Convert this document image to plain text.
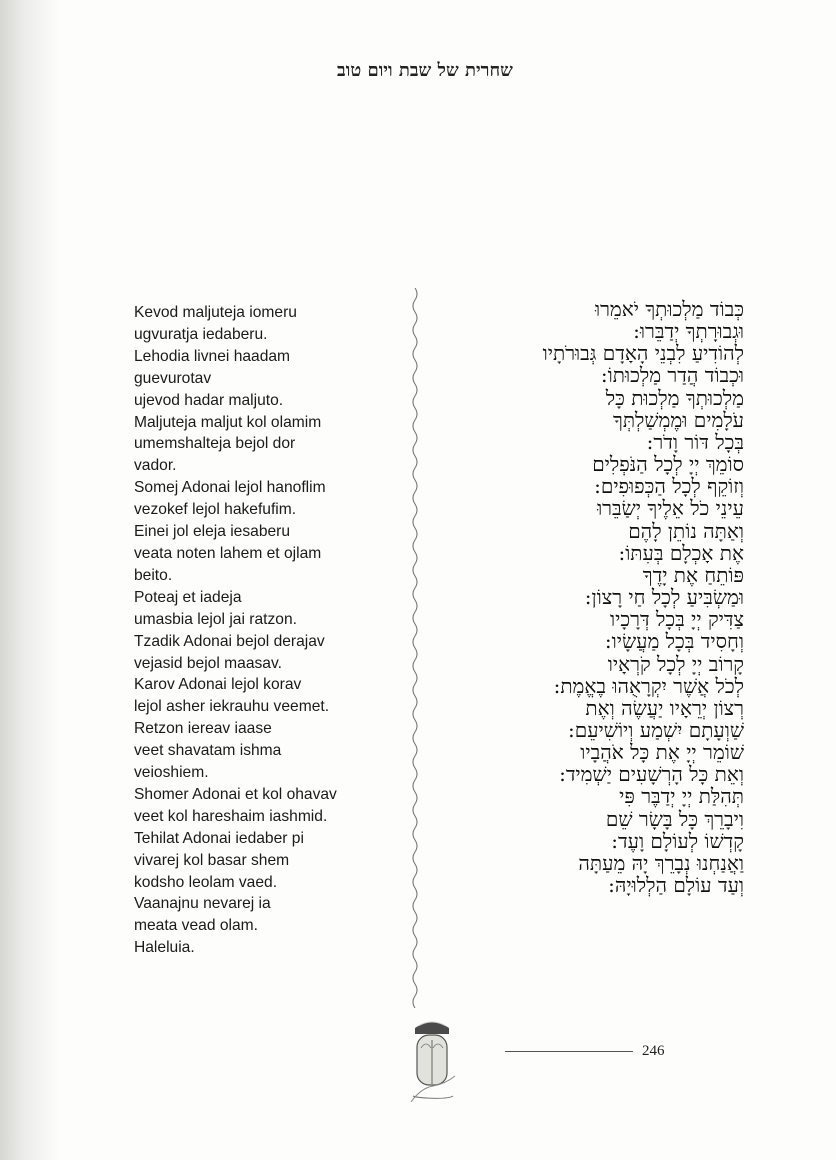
שחרית של שבת ויום טוב
Kevod maljuteja iomeru
ugvuratja iedaberu.
Lehodia livnei haadam
guevurotav
ujevod hadar maljuto.
Maljuteja maljut kol olamim
umemshalteja bejol dor
vador.
Somej Adonai lejol hanoflim
vezokef lejol hakefufim.
Einei jol eleja iesaberu
veata noten lahem et ojlam
beito.
Poteaj et iadeja
umasbia lejol jai ratzon.
Tzadik Adonai bejol derajav
vejasid bejol maasav.
Karov Adonai lejol korav
lejol asher iekrauhu veemet.
Retzon iereav iaase
veet shavatam ishma
veioshiem.
Shomer Adonai et kol ohavav
veet kol hareshaim iashmid.
Tehilat Adonai iedaber pi
vivarej kol basar shem
kodsho leolam vaed.
Vaanajnu nevarej ia
meata vead olam.
Haleluia.
כְּבוֹד מַלְכוּתְךָ יֹאמֵרוּ
וּגְבוּרָתְךָ יְדַבֵּרוּ:
לְהוֹדִיעַ לִבְנֵי הָאָדָם גְּבוּרֹתָיו
וּכְבוֹד הֲדַר מַלְכוּתוֹ:
מַלְכוּתְךָ מַלְכוּת כָּל
עֹלָמִים וּמֶמְשַׁלְתְּךָ
בְּכָל דּוֹר וָדֹר:
סוֹמֵךְ יְיָ לְכָל הַנֹּפְלִים
וְזוֹקֵף לְכָל הַכְּפוּפִים:
עֵינֵי כֹל אֵלֶיךָ יְשַׂבֵּרוּ
וְאַתָּה נוֹתֵן לָהֶם
אֶת אָכְלָם בְּעִתּוֹ:
פּוֹתֵחַ אֶת יָדֶךָ
וּמַשְׂבִּיעַ לְכָל חַי רָצוֹן:
צַדִּיק יְיָ בְּכָל דְּרָכָיו
וְחָסִיד בְּכָל מַעֲשָׂיו:
קָרוֹב יְיָ לְכָל קֹרְאָיו
לְכֹל אֲשֶׁר יִקְרָאֻהוּ בֶאֱמֶת:
רְצוֹן יְרֵאָיו יַעֲשֶׂה וְאֶת
שַׁוְעָתָם יִשְׁמַע וְיוֹשִׁיעֵם:
שׁוֹמֵר יְיָ אֶת כָּל אֹהֲבָיו
וְאֵת כָּל הָרְשָׁעִים יַשְׁמִיד:
תְּהִלַּת יְיָ יְדַבֶּר פִּי
וִיבָרֵךְ כָּל בָּשָׂר שֵׁם
קָדְשׁוֹ לְעוֹלָם וָעֶד:
וַאֲנַחְנוּ נְבָרֵךְ יָהּ מֵעַתָּה
וְעַד עוֹלָם הַלְלוּיָהּ:
246
